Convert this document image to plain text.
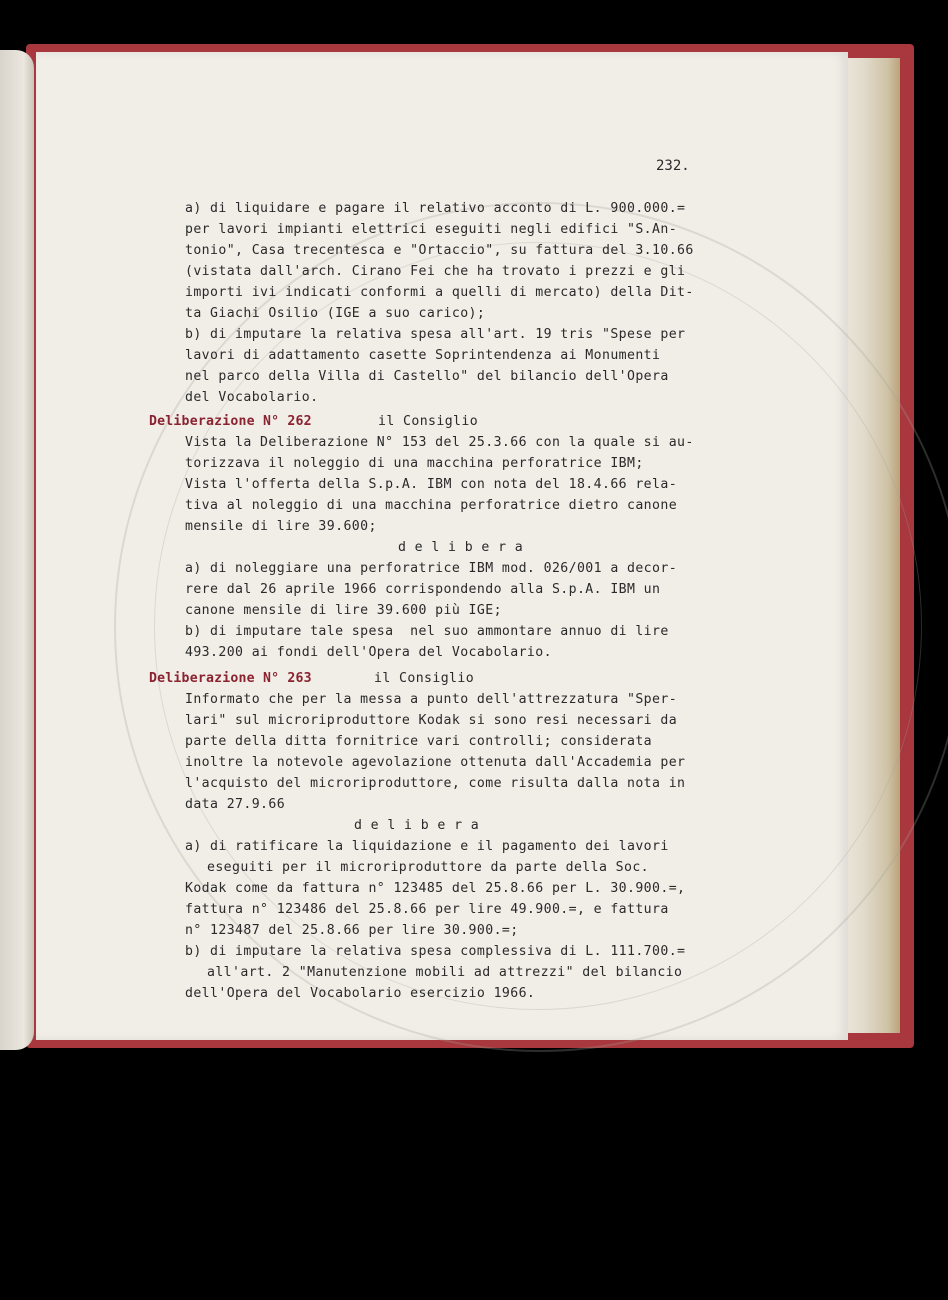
232.
a) di liquidare e pagare il relativo acconto di L. 900.000.=
per lavori impianti elettrici eseguiti negli edifici "S.An-
tonio", Casa trecentesca e "Ortaccio", su fattura del 3.10.66
(vistata dall'arch. Cirano Fei che ha trovato i prezzi e gli
importi ivi indicati conformi a quelli di mercato) della Dit-
ta Giachi Osilio (IGE a suo carico);
b) di imputare la relativa spesa all'art. 19 tris "Spese per
lavori di adattamento casette Soprintendenza ai Monumenti
nel parco della Villa di Castello" del bilancio dell'Opera
del Vocabolario.
Deliberazione N° 262	il Consiglio
Vista la Deliberazione N° 153 del 25.3.66 con la quale si au-
torizzava il noleggio di una macchina perforatrice IBM;
Vista l'offerta della S.p.A. IBM con nota del 18.4.66 rela-
tiva al noleggio di una macchina perforatrice dietro canone
mensile di lire 39.600;
d e l i b e r a
a) di noleggiare una perforatrice IBM mod. 026/001 a decor-
rere dal 26 aprile 1966 corrispondendo alla S.p.A. IBM un
canone mensile di lire 39.600 più IGE;
b) di imputare tale spesa  nel suo ammontare annuo di lire
493.200 ai fondi dell'Opera del Vocabolario.
Deliberazione N° 263	il Consiglio
Informato che per la messa a punto dell'attrezzatura "Sper-
lari" sul microriproduttore Kodak si sono resi necessari da
parte della ditta fornitrice vari controlli; considerata
inoltre la notevole agevolazione ottenuta dall'Accademia per
l'acquisto del microriproduttore, come risulta dalla nota in
data 27.9.66
d e l i b e r a
a) di ratificare la liquidazione e il pagamento dei lavori
eseguiti per il microriproduttore da parte della Soc.
Kodak come da fattura n° 123485 del 25.8.66 per L. 30.900.=,
fattura n° 123486 del 25.8.66 per lire 49.900.=, e fattura
n° 123487 del 25.8.66 per lire 30.900.=;
b) di imputare la relativa spesa complessiva di L. 111.700.=
all'art. 2 "Manutenzione mobili ad attrezzi" del bilancio
dell'Opera del Vocabolario esercizio 1966.
